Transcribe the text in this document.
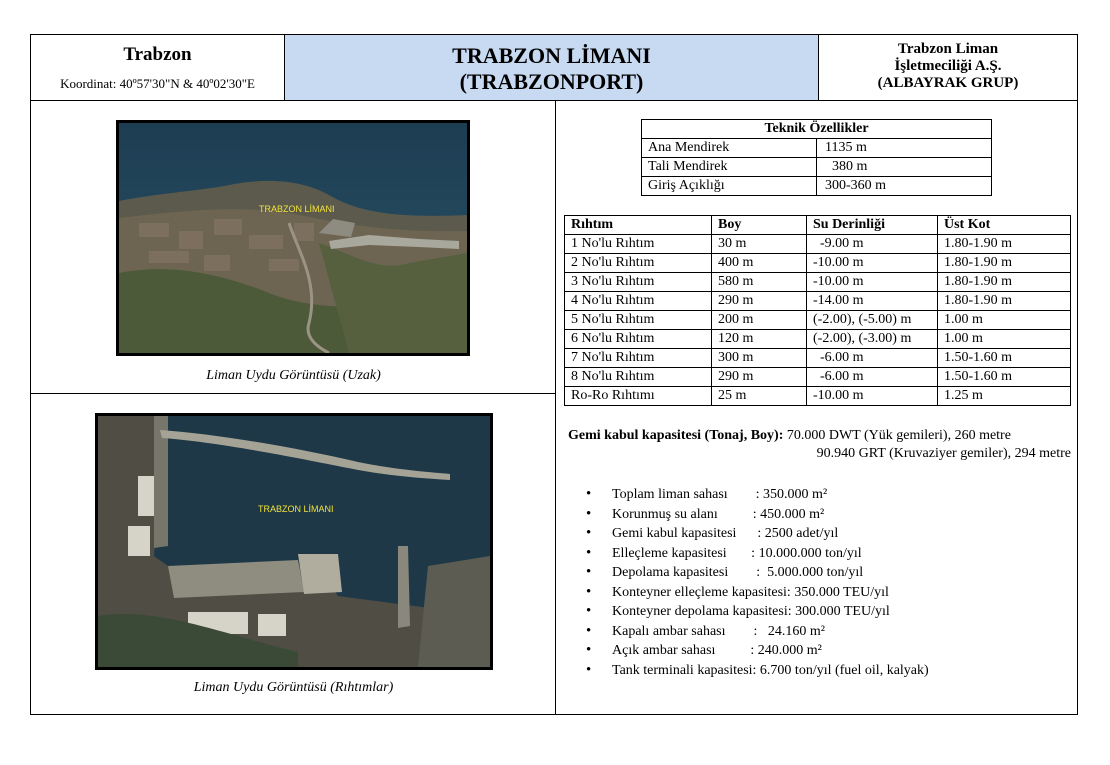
Trabzon
Koordinat: 40º57'30"N & 40º02'30"E
TRABZON LİMANI
(TRABZONPORT)
Trabzon Liman
İşletmeciliği A.Ş.
(ALBAYRAK GRUP)
TRABZON LİMANI
Liman Uydu Görüntüsü (Uzak)
TRABZON LİMANI
Liman Uydu Görüntüsü (Rıhtımlar)
Teknik Özellikler	
Ana Mendirek	1135 m
Tali Mendirek	380 m
Giriş Açıklığı	300-360 m
Rıhtım	Boy	Su Derinliği	Üst Kot
1 No'lu Rıhtım	30 m	-9.00 m	1.80-1.90 m
2 No'lu Rıhtım	400 m	-10.00 m	1.80-1.90 m
3 No'lu Rıhtım	580 m	-10.00 m	1.80-1.90 m
4 No'lu Rıhtım	290 m	-14.00 m	1.80-1.90 m
5 No'lu Rıhtım	200 m	(-2.00), (-5.00) m	1.00 m
6 No'lu Rıhtım	120 m	(-2.00), (-3.00) m	1.00 m
7 No'lu Rıhtım	300 m	-6.00 m	1.50-1.60 m
8 No'lu Rıhtım	290 m	-6.00 m	1.50-1.60 m
Ro-Ro Rıhtımı	25 m	-10.00 m	1.25 m
Gemi kabul kapasitesi (Tonaj, Boy): 70.000 DWT (Yük gemileri), 260 metre
90.940 GRT (Kruvaziyer gemiler), 294 metre
• Toplam liman sahası        : 350.000 m²
• Korunmuş su alanı          : 450.000 m²
• Gemi kabul kapasitesi      : 2500 adet/yıl
• Elleçleme kapasitesi       : 10.000.000 ton/yıl
• Depolama kapasitesi        :  5.000.000 ton/yıl
• Konteyner elleçleme kapasitesi: 350.000 TEU/yıl
• Konteyner depolama kapasitesi: 300.000 TEU/yıl
• Kapalı ambar sahası        :   24.160 m²
• Açık ambar sahası          : 240.000 m²
• Tank terminali kapasitesi: 6.700 ton/yıl (fuel oil, kalyak)
